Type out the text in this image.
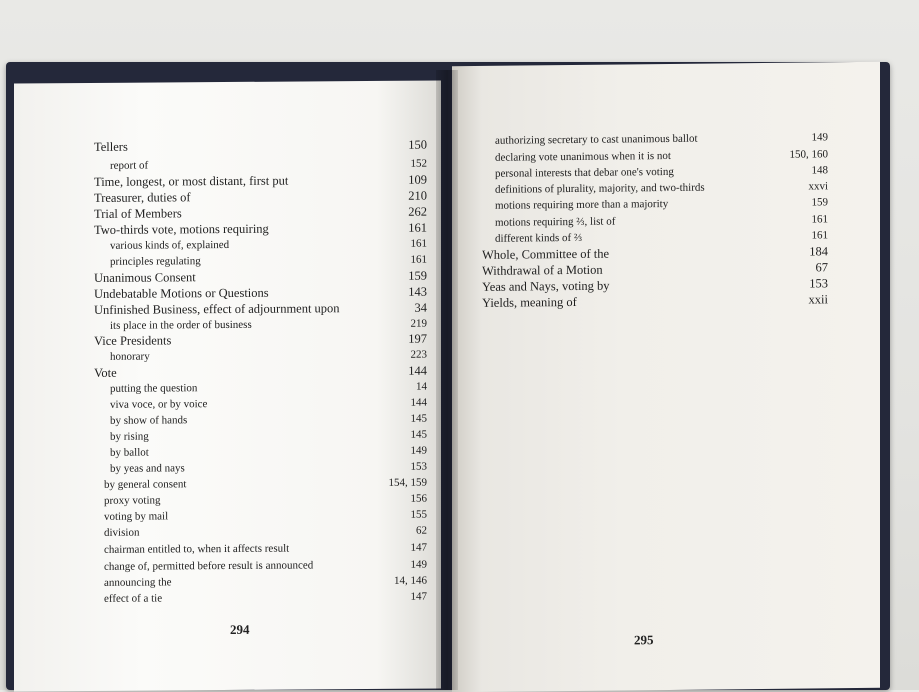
authorizing secretary to cast unanimous ballot	149
declaring vote unanimous when it is not	150, 160
personal interests that debar one's voting	148
definitions of plurality, majority, and two-thirds	xxvi
motions requiring more than a majority	159
motions requiring ⅔, list of	161
different kinds of ⅔	161
Whole, Committee of the	184
Withdrawal of a Motion	67
Yeas and Nays, voting by	153
Yields, meaning of	xxii
295
Tellers	150
report of	152
Time, longest, or most distant, first put	109
Treasurer, duties of	210
Trial of Members	262
Two-thirds vote, motions requiring	161
various kinds of, explained	161
principles regulating	161
Unanimous Consent	159
Undebatable Motions or Questions	143
Unfinished Business, effect of adjournment upon	34
its place in the order of business	219
Vice Presidents	197
honorary	223
Vote	144
putting the question	14
viva voce, or by voice	144
by show of hands	145
by rising	145
by ballot	149
by yeas and nays	153
by general consent	154, 159
proxy voting	156
voting by mail	155
division	62
chairman entitled to, when it affects result	147
change of, permitted before result is announced	149
announcing the	14, 146
effect of a tie	147
294
